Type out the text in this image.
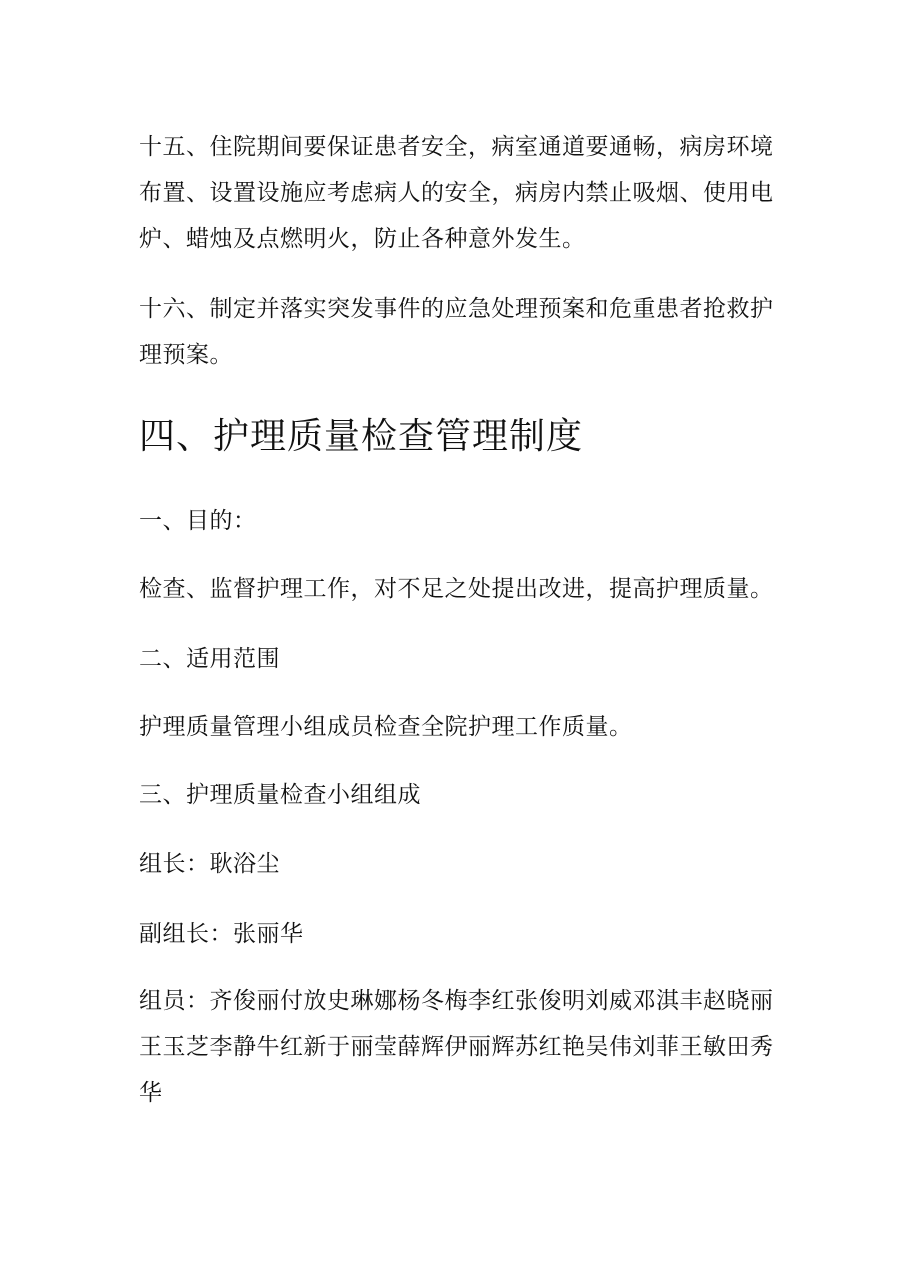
十五、住院期间要保证患者安全，病室通道要通畅，病房环境布置、设置设施应考虑病人的安全，病房内禁止吸烟、使用电炉、蜡烛及点燃明火，防止各种意外发生。

十六、制定并落实突发事件的应急处理预案和危重患者抢救护理预案。

四、护理质量检查管理制度

一、目的：

检查、监督护理工作，对不足之处提出改进，提高护理质量。

二、适用范围

护理质量管理小组成员检查全院护理工作质量。

三、护理质量检查小组组成

组长：耿浴尘

副组长：张丽华

组员：齐俊丽付放史琳娜杨冬梅李红张俊明刘威邓淇丰赵晓丽王玉芝李静牛红新于丽莹薛辉伊丽辉苏红艳吴伟刘菲王敏田秀华
